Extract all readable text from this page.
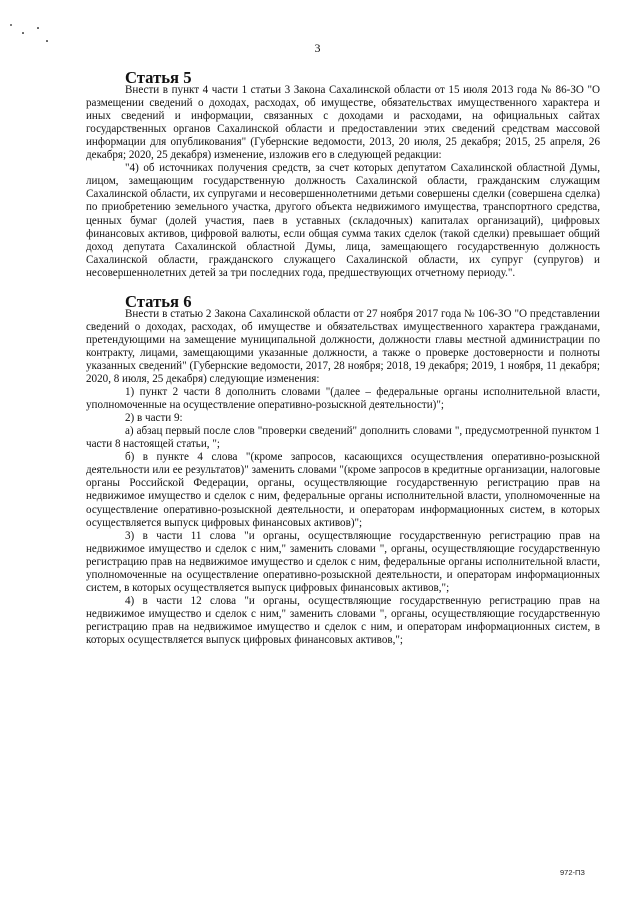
3
Статья 5

Внести в пункт 4 части 1 статьи 3 Закона Сахалинской области от 15 июля 2013 года № 86-ЗО "О размещении сведений о доходах, расходах, об имуществе, обязательствах имущественного характера и иных сведений и информации, связанных с доходами и расходами, на официальных сайтах государственных органов Сахалинской области и предоставлении этих сведений средствам массовой информации для опубликования" (Губернские ведомости, 2013, 20 июля, 25 декабря; 2015, 25 апреля, 26 декабря; 2020, 25 декабря) изменение, изложив его в следующей редакции:

"4) об источниках получения средств, за счет которых депутатом Сахалинской областной Думы, лицом, замещающим государственную должность Сахалинской области, гражданским служащим Сахалинской области, их супругами и несовершеннолетними детьми совершены сделки (совершена сделка) по приобретению земельного участка, другого объекта недвижимого имущества, транспортного средства, ценных бумаг (долей участия, паев в уставных (складочных) капиталах организаций), цифровых финансовых активов, цифровой валюты, если общая сумма таких сделок (такой сделки) превышает общий доход депутата Сахалинской областной Думы, лица, замещающего государственную должность Сахалинской области, гражданского служащего Сахалинской области, их супруг (супругов) и несовершеннолетних детей за три последних года, предшествующих отчетному периоду.".

Статья 6

Внести в статью 2 Закона Сахалинской области от 27 ноября 2017 года № 106-ЗО "О представлении сведений о доходах, расходах, об имуществе и обязательствах имущественного характера гражданами, претендующими на замещение муниципальной должности, должности главы местной администрации по контракту, лицами, замещающими указанные должности, а также о проверке достоверности и полноты указанных сведений" (Губернские ведомости, 2017, 28 ноября; 2018, 19 декабря; 2019, 1 ноября, 11 декабря; 2020, 8 июля, 25 декабря) следующие изменения:

1) пункт 2 части 8 дополнить словами "(далее – федеральные органы исполнительной власти, уполномоченные на осуществление оперативно-розыскной деятельности)";

2) в части 9:

а) абзац первый после слов "проверки сведений" дополнить словами ", предусмотренной пунктом 1 части 8 настоящей статьи, ";

б) в пункте 4 слова "(кроме запросов, касающихся осуществления оперативно-розыскной деятельности или ее результатов)" заменить словами "(кроме запросов в кредитные организации, налоговые органы Российской Федерации, органы, осуществляющие государственную регистрацию прав на недвижимое имущество и сделок с ним, федеральные органы исполнительной власти, уполномоченные на осуществление оперативно-розыскной деятельности, и операторам информационных систем, в которых осуществляется выпуск цифровых финансовых активов)";

3) в части 11 слова "и органы, осуществляющие государственную регистрацию прав на недвижимое имущество и сделок с ним," заменить словами ", органы, осуществляющие государственную регистрацию прав на недвижимое имущество и сделок с ним, федеральные органы исполнительной власти, уполномоченные на осуществление оперативно-розыскной деятельности, и операторам информационных систем, в которых осуществляется выпуск цифровых финансовых активов,";

4) в части 12 слова "и органы, осуществляющие государственную регистрацию прав на недвижимое имущество и сделок с ним," заменить словами ", органы, осуществляющие государственную регистрацию прав на недвижимое имущество и сделок с ним, и операторам информационных систем, в которых осуществляется выпуск цифровых финансовых активов,";

972-ПЗ
